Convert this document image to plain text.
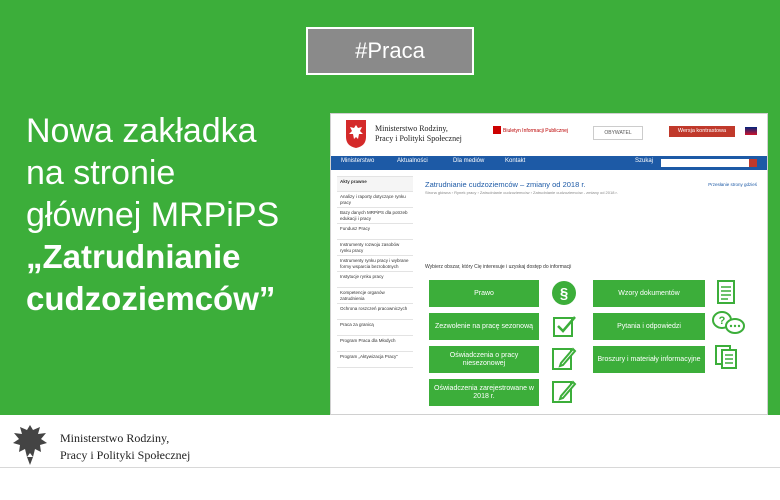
#Praca
Nowa zakładka
na stronie
głównej MRPiPS
„Zatrudnianie
cudzoziemców”
Ministerstwo Rodziny,
Pracy i Polityki Społecznej
Biuletyn Informacji Publicznej	OBYWATEL	Wersja kontrastowa
Ministerstwo	Aktualności	Dla mediów	Kontakt	Szukaj
Akty prawne
Analizy i raporty dotyczące rynku pracy
Bazy danych MRPiPS dla potrzeb edukacji i pracy
Fundusz Pracy
Instrumenty rozwoju zasobów rynku pracy
Instrumenty rynku pracy i wybrane formy wsparcia bezrobotnych
Instytucje rynku pracy
Kompetencje organów zatrudnienia
Ochrona roszczeń pracowniczych
Praca za granicą
Program Praca dla Młodych
Program „Aktywizacja Pracy”
Zatrudnianie cudzoziemców – zmiany od 2018 r.	Przesłanie strony gdzieś
Strona główna › Rynek pracy › Zatrudnianie cudzoziemców › Zatrudnianie cudzoziemców - zmiany od 2018 r.
Wybierz obszar, który Cię interesuje i uzyskaj dostęp do informacji
Prawo	§	Wzory dokumentów
Zezwolenie na pracę sezonową	Pytania i odpowiedzi	?
Oświadczenia o pracy niesezonowej
Broszury i materiały informacyjne
Oświadczenia zarejestrowane w 2018 r.
Ministerstwo Rodziny,
Pracy i Polityki Społecznej
